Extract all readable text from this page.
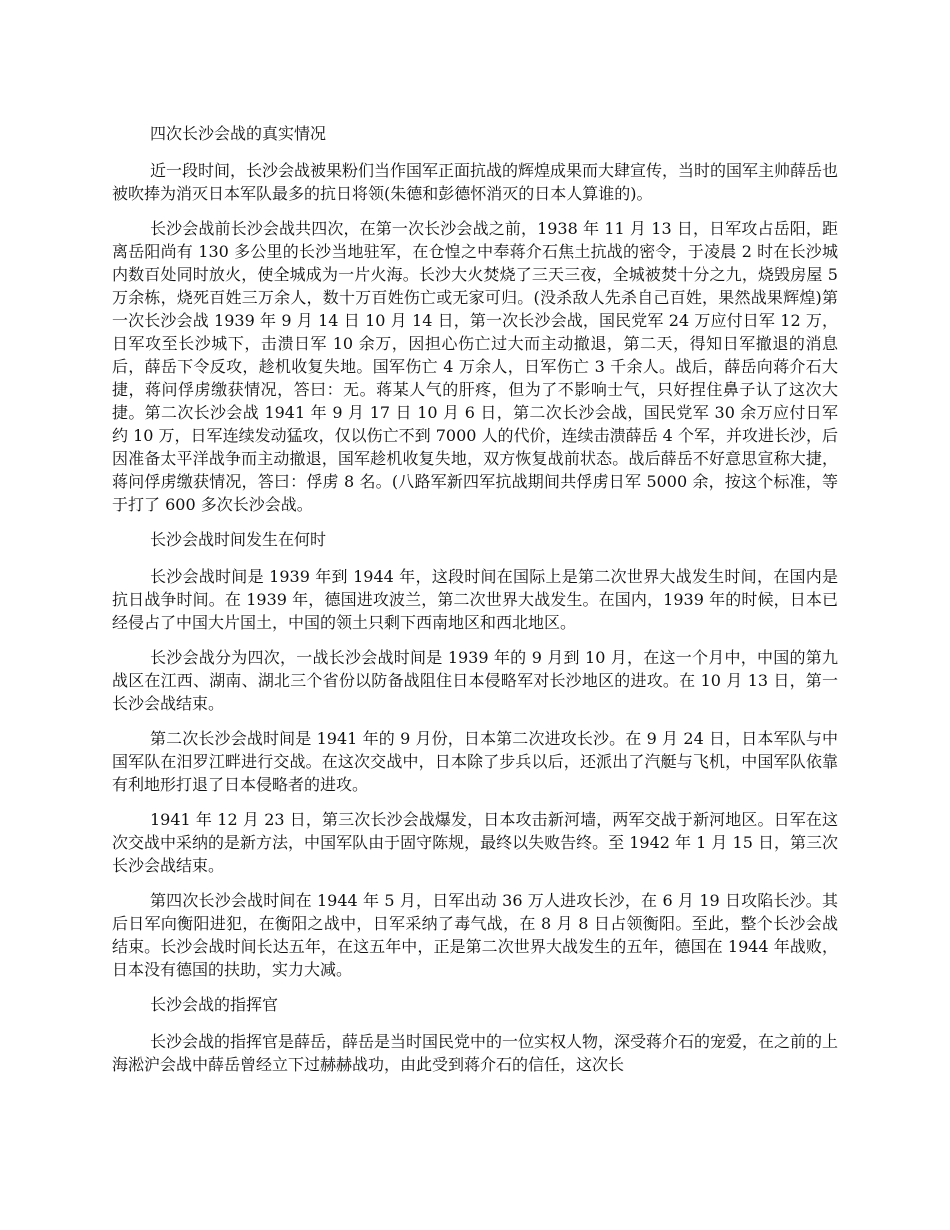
四次长沙会战的真实情况

近一段时间，长沙会战被果粉们当作国军正面抗战的辉煌成果而大肆宣传，当时的国军主帅薛岳也被吹捧为消灭日本军队最多的抗日将领(朱德和彭德怀消灭的日本人算谁的)。

长沙会战前长沙会战共四次，在第一次长沙会战之前，1938 年 11 月 13 日，日军攻占岳阳，距离岳阳尚有 130 多公里的长沙当地驻军，在仓惶之中奉蒋介石焦土抗战的密令，于凌晨 2 时在长沙城内数百处同时放火，使全城成为一片火海。长沙大火焚烧了三天三夜，全城被焚十分之九，烧毁房屋 5 万余栋，烧死百姓三万余人，数十万百姓伤亡或无家可归。(没杀敌人先杀自己百姓，果然战果辉煌)第一次长沙会战 1939 年 9 月 14 日 10 月 14 日，第一次长沙会战，国民党军 24 万应付日军 12 万，日军攻至长沙城下，击溃日军 10 余万，因担心伤亡过大而主动撤退，第二天，得知日军撤退的消息后，薛岳下令反攻，趁机收复失地。国军伤亡 4 万余人，日军伤亡 3 千余人。战后，薛岳向蒋介石大捷，蒋问俘虏缴获情况，答曰：无。蒋某人气的肝疼，但为了不影响士气，只好捏住鼻子认了这次大捷。第二次长沙会战 1941 年 9 月 17 日 10 月 6 日，第二次长沙会战，国民党军 30 余万应付日军约 10 万，日军连续发动猛攻，仅以伤亡不到 7000 人的代价，连续击溃薛岳 4 个军，并攻进长沙，后因准备太平洋战争而主动撤退，国军趁机收复失地，双方恢复战前状态。战后薛岳不好意思宣称大捷， 蒋问俘虏缴获情况，答曰：俘虏 8 名。(八路军新四军抗战期间共俘虏日军 5000 余，按这个标准，等于打了 600 多次长沙会战。

长沙会战时间发生在何时

长沙会战时间是 1939 年到 1944 年，这段时间在国际上是第二次世界大战发生时间，在国内是抗日战争时间。在 1939 年，德国进攻波兰，第二次世界大战发生。在国内，1939 年的时候，日本已经侵占了中国大片国土，中国的领土只剩下西南地区和西北地区。

长沙会战分为四次，一战长沙会战时间是 1939 年的 9 月到 10 月，在这一个月中，中国的第九战区在江西、湖南、湖北三个省份以防备战阻住日本侵略军对长沙地区的进攻。在 10 月 13 日，第一长沙会战结束。

第二次长沙会战时间是 1941 年的 9 月份，日本第二次进攻长沙。在 9 月 24 日，日本军队与中国军队在汨罗江畔进行交战。在这次交战中，日本除了步兵以后，还派出了汽艇与飞机，中国军队依靠有利地形打退了日本侵略者的进攻。

1941 年 12 月 23 日，第三次长沙会战爆发，日本攻击新河墙，两军交战于新河地区。日军在这次交战中采纳的是新方法，中国军队由于固守陈规，最终以失败告终。至 1942 年 1 月 15 日，第三次长沙会战结束。

第四次长沙会战时间在 1944 年 5 月，日军出动 36 万人进攻长沙，在 6 月 19 日攻陷长沙。其后日军向衡阳进犯，在衡阳之战中，日军采纳了毒气战，在 8 月 8 日占领衡阳。至此，整个长沙会战结束。长沙会战时间长达五年，在这五年中，正是第二次世界大战发生的五年，德国在 1944 年战败，日本没有德国的扶助，实力大减。

长沙会战的指挥官

长沙会战的指挥官是薛岳，薛岳是当时国民党中的一位实权人物，深受蒋介石的宠爱，在之前的上海淞沪会战中薛岳曾经立下过赫赫战功，由此受到蒋介石的信任，这次长
